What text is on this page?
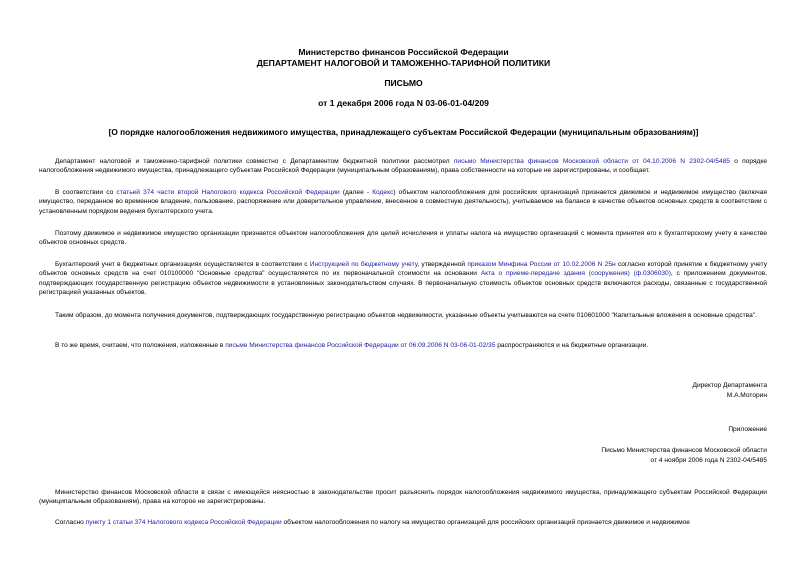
Министерство финансов Российской Федерации
ДЕПАРТАМЕНТ НАЛОГОВОЙ И ТАМОЖЕННО-ТАРИФНОЙ ПОЛИТИКИ
ПИСЬМО
от 1 декабря 2006 года N 03-06-01-04/209
[О порядке налогообложения недвижимого имущества, принадлежащего субъектам Российской Федерации (муниципальным образованиям)]

Департамент налоговой и таможенно-тарифной политики совместно с Департаментом бюджетной политики рассмотрел письмо Министерства финансов Московской области от 04.10.2006 N 2302-04/5485 о порядке налогообложения недвижимого имущества, принадлежащего субъектам Российской Федерации (муниципальным образованиям), права собственности на которые не зарегистрированы, и сообщает.

В соответствии со статьей 374 части второй Налогового кодекса Российской Федерации (далее - Кодекс) объектом налогообложения для российских организаций признается движимое и недвижимое имущество (включая имущество, переданное во временное владение, пользование, распоряжение или доверительное управление, внесенное в совместную деятельность), учитываемое на балансе в качестве объектов основных средств в соответствии с установленным порядком ведения бухгалтерского учета.

Поэтому движимое и недвижимое имущество организации признается объектом налогообложения для целей исчисления и уплаты налога на имущество организаций с момента принятия его к бухгалтерскому учету в качестве объектов основных средств.

Бухгалтерский учет в бюджетных организациях осуществляется в соответствии с Инструкцией по бюджетному учету, утвержденной приказом Минфина России от 10.02.2006 N 25н согласно которой принятие к бюджетному учету объектов основных средств на счет 010100000 "Основные средства" осуществляется по их первоначальной стоимости на основании Акта о приеме-передаче здания (сооружения) (ф.0306030), с приложением документов, подтверждающих государственную регистрацию объектов недвижимости в установленных законодательством случаях. В первоначальную стоимость объектов основных средств включаются расходы, связанные с государственной регистрацией указанных объектов.

Таким образом, до момента получения документов, подтверждающих государственную регистрацию объектов недвижимости, указанные объекты учитываются на счете 010601000 "Капитальные вложения в основные средства".

В то же время, считаем, что положения, изложенные в письме Министерства финансов Российской Федерации от 06.09.2006 N 03-06-01-02/35 распространяются и на бюджетные организации.

Директор Департамента
М.А.Моторин
Приложение
Письмо Министерства финансов Московской области
от 4 ноября 2006 года N 2302-04/5485

Министерство финансов Московской области в связи с имеющейся неясностью в законодательстве просит разъяснить порядок налогообложения недвижимого имущества, принадлежащего субъектам Российской Федерации (муниципальным образованиям), права на которое не зарегистрированы.

Согласно пункту 1 статьи 374 Налогового кодекса Российской Федерации объектом налогообложения по налогу на имущество организаций для российских организаций признается движимое и недвижимое
